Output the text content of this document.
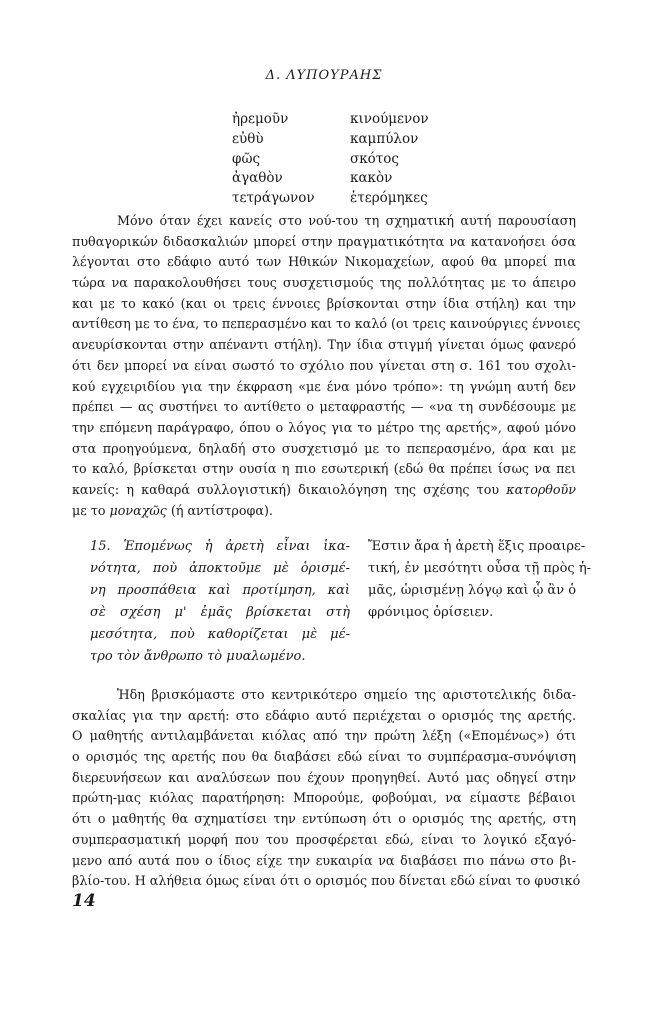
Δ. ΛΥΠΟΥΡΑΗΣ
ἠρεμοῦν	κινούμενον
εὐθὺ	καμπύλον
φῶς	σκότος
ἀγαθὸν	κακὸν
τετράγωνον	ἑτερόμηκες
Μόνο όταν έχει κανείς στο νού-του τη σχηματική αυτή παρουσίαση
πυθαγορικών διδασκαλιών μπορεί στην πραγματικότητα να κατανοήσει όσα
λέγονται στο εδάφιο αυτό των Ηθικών Νικομαχείων, αφού θα μπορεί πια
τώρα να παρακολουθήσει τους συσχετισμούς της πολλότητας με το άπειρο
και με το κακό (και οι τρεις έννοιες βρίσκονται στην ίδια στήλη) και την
αντίθεση με το ένα, το πεπερασμένο και το καλό (οι τρεις καινούργιες έννοιες
ανευρίσκονται στην απέναντι στήλη). Την ίδια στιγμή γίνεται όμως φανερό
ότι δεν μπορεί να είναι σωστό το σχόλιο που γίνεται στη σ. 161 του σχολι-
κού εγχειριδίου για την έκφραση «με ένα μόνο τρόπο»: τη γνώμη αυτή δεν
πρέπει — ας συστήνει το αντίθετο ο μεταφραστής — «να τη συνδέσουμε με
την επόμενη παράγραφο, όπου ο λόγος για το μέτρο της αρετής», αφού μόνο
στα προηγούμενα, δηλαδή στο συσχετισμό με το πεπερασμένο, άρα και με
το καλό, βρίσκεται στην ουσία η πιο εσωτερική (εδώ θα πρέπει ίσως να πει
κανείς: η καθαρά συλλογιστική) δικαιολόγηση της σχέσης του κατορθοῦν
με το μοναχῶς (ή αντίστροφα).
15. Ἑπομένως ἡ ἀρετὴ εἶναι ἱκα-
νότητα, ποὺ ἀποκτοῦμε μὲ ὁρισμέ-
νη προσπάθεια καὶ προτίμηση, καὶ
σὲ σχέση μ' ἐμᾶς βρίσκεται στὴ
μεσότητα, ποὺ καθορίζεται μὲ μέ-
τρο τὸν ἄνθρωπο τὸ μυαλωμένο.
Ἔστιν ἄρα ἡ ἀρετὴ ἕξις προαιρε-
τική, ἐν μεσότητι οὖσα τῇ πρὸς ἡ-
μᾶς, ὡρισμένῃ λόγῳ καὶ ᾧ ἂν ὁ
φρόνιμος ὁρίσειεν.
Ἡδη βρισκόμαστε στο κεντρικότερο σημείο της αριστοτελικής διδα-
σκαλίας για την αρετή: στο εδάφιο αυτό περιέχεται ο ορισμός της αρετής.
Ο μαθητής αντιλαμβάνεται κιόλας από την πρώτη λέξη («Επομένως») ότι
ο ορισμός της αρετής που θα διαβάσει εδώ είναι το συμπέρασμα-συνόψιση
διερευνήσεων και αναλύσεων που έχουν προηγηθεί. Αυτό μας οδηγεί στην
πρώτη-μας κιόλας παρατήρηση: Μπορούμε, φοβούμαι, να είμαστε βέβαιοι
ότι ο μαθητής θα σχηματίσει την εντύπωση ότι ο ορισμός της αρετής, στη
συμπερασματική μορφή που του προσφέρεται εδώ, είναι το λογικό εξαγό-
μενο από αυτά που ο ίδιος είχε την ευκαιρία να διαβάσει πιο πάνω στο βι-
βλίο-του. Η αλήθεια όμως είναι ότι ο ορισμός που δίνεται εδώ είναι το φυσικό
14
